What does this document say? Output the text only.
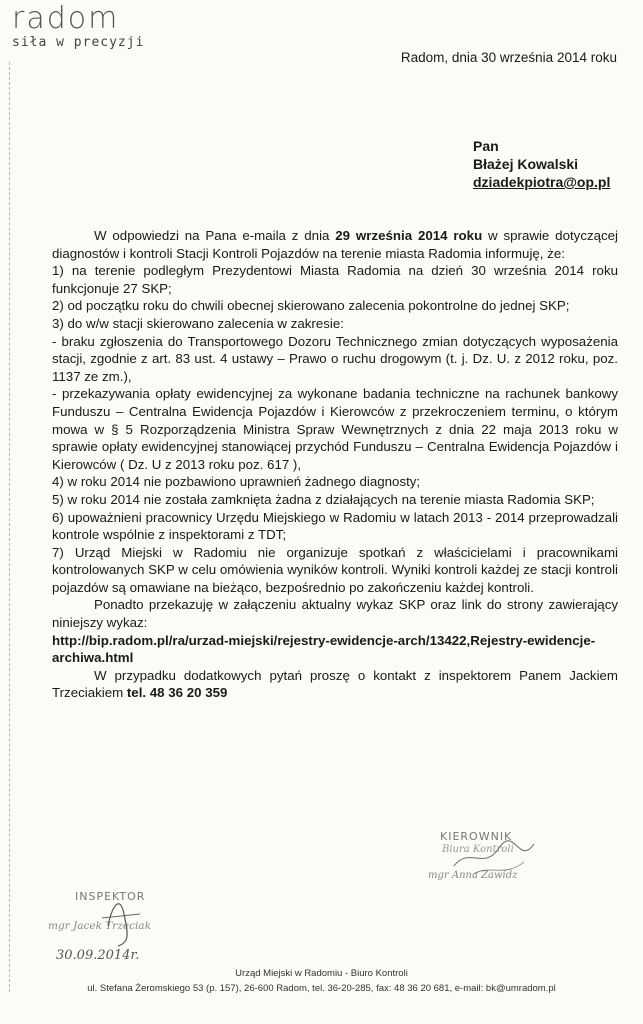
radom
siła w precyzji
Radom, dnia 30 września 2014 roku
Pan
Błażej Kowalski
dziadekpiotra@op.pl

W odpowiedzi na Pana e-maila z dnia 29 września 2014 roku w sprawie dotyczącej diagnostów i kontroli Stacji Kontroli Pojazdów na terenie miasta Radomia informuję, że:

1) na terenie podległym Prezydentowi Miasta Radomia na dzień 30 września 2014 roku funkcjonuje 27 SKP;

2) od początku roku do chwili obecnej skierowano zalecenia pokontrolne do jednej SKP;

3) do w/w stacji skierowano zalecenia w zakresie:

- braku zgłoszenia do Transportowego Dozoru Technicznego zmian dotyczących wyposażenia stacji, zgodnie z art. 83 ust. 4 ustawy – Prawo o ruchu drogowym (t. j. Dz. U. z 2012 roku, poz. 1137 ze zm.),

- przekazywania opłaty ewidencyjnej za wykonane badania techniczne na rachunek bankowy Funduszu – Centralna Ewidencja Pojazdów i Kierowców z przekroczeniem terminu, o którym mowa w § 5 Rozporządzenia Ministra Spraw Wewnętrznych z dnia 22 maja 2013 roku w sprawie opłaty ewidencyjnej stanowiącej przychód Funduszu – Centralna Ewidencja Pojazdów i Kierowców ( Dz. U z 2013 roku poz. 617 ),

4) w roku 2014 nie pozbawiono uprawnień żadnego diagnosty;

5) w roku 2014 nie została zamknięta żadna z działających na terenie miasta Radomia SKP;

6) upoważnieni pracownicy Urzędu Miejskiego w Radomiu w latach 2013 - 2014 przeprowadzali kontrole wspólnie z inspektorami z TDT;

7) Urząd Miejski w Radomiu nie organizuje spotkań z właścicielami i pracownikami kontrolowanych SKP w celu omówienia wyników kontroli. Wyniki kontroli każdej ze stacji kontroli pojazdów są omawiane na bieżąco, bezpośrednio po zakończeniu każdej kontroli.

Ponadto przekazuję w załączeniu aktualny wykaz SKP oraz link do strony zawierający niniejszy wykaz:

http://bip.radom.pl/ra/urzad-miejski/rejestry-ewidencje-arch/13422,Rejestry-ewidencje-archiwa.html

W przypadku dodatkowych pytań proszę o kontakt z inspektorem Panem Jackiem Trzeciakiem tel. 48 36 20 359

KIEROWNIK
Biura Kontroli
mgr Anna Zawidz
INSPEKTOR
mgr Jacek Trzeciak
30.09.2014r.
Urząd Miejski w Radomiu - Biuro Kontroli
ul. Stefana Żeromskiego 53 (p. 157), 26-600 Radom, tel. 36-20-285, fax: 48 36 20 681, e-mail: bk@umradom.pl
